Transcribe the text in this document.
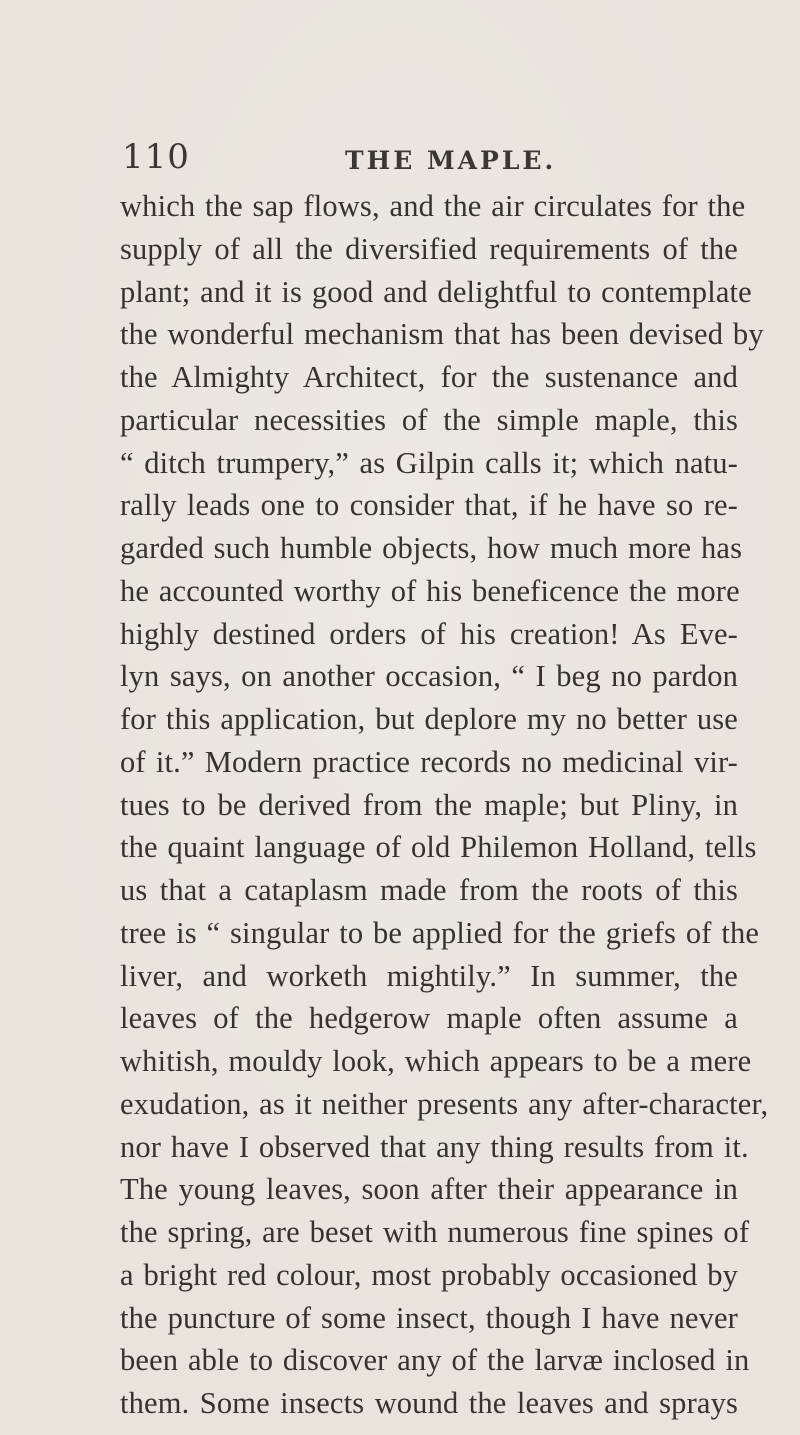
110	THE MAPLE.
which the sap flows, and the air circulates for the
supply of all the diversified requirements of the
plant; and it is good and delightful to contemplate
the wonderful mechanism that has been devised by
the Almighty Architect, for the sustenance and
particular necessities of the simple maple, this
“ ditch trumpery,” as Gilpin calls it; which natu-
rally leads one to consider that, if he have so re-
garded such humble objects, how much more has
he accounted worthy of his beneficence the more
highly destined orders of his creation! As Eve-
lyn says, on another occasion, “ I beg no pardon
for this application, but deplore my no better use
of it.” Modern practice records no medicinal vir-
tues to be derived from the maple; but Pliny, in
the quaint language of old Philemon Holland, tells
us that a cataplasm made from the roots of this
tree is “ singular to be applied for the griefs of the
liver, and worketh mightily.” In summer, the
leaves of the hedgerow maple often assume a
whitish, mouldy look, which appears to be a mere
exudation, as it neither presents any after-character,
nor have I observed that any thing results from it.
The young leaves, soon after their appearance in
the spring, are beset with numerous fine spines of
a bright red colour, most probably occasioned by
the puncture of some insect, though I have never
been able to discover any of the larvæ inclosed in
them. Some insects wound the leaves and sprays
